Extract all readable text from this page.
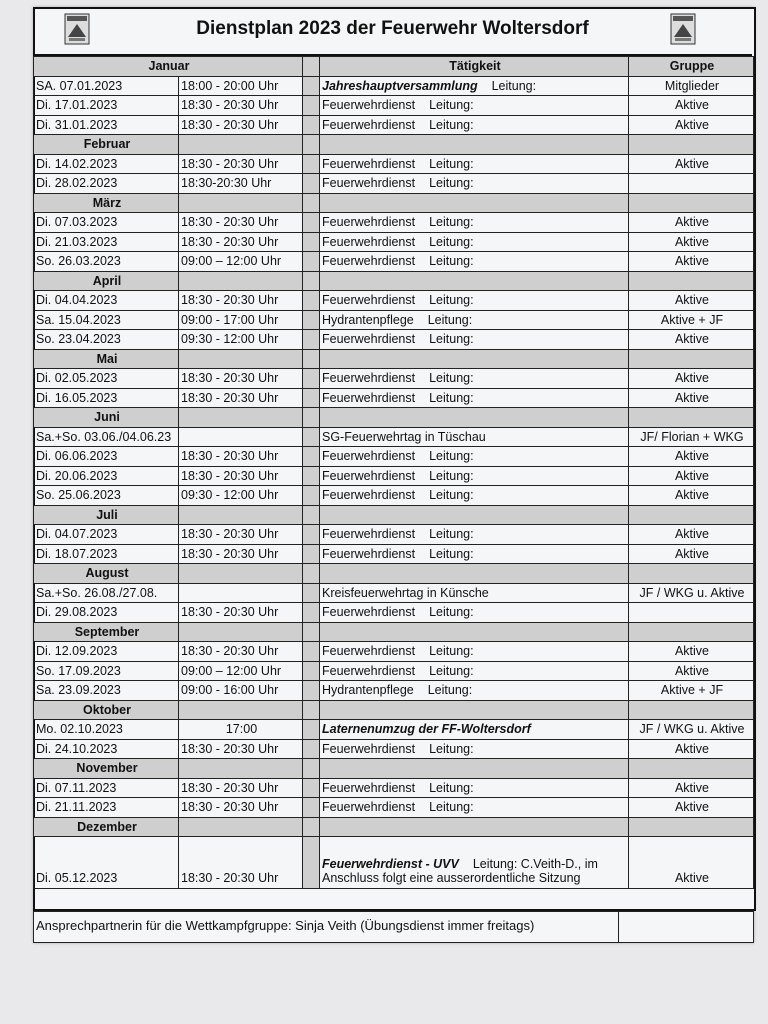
Dienstplan 2023 der Feuerwehr Woltersdorf
Januar			Tätigkeit	Gruppe
SA. 07.01.2023	18:00 - 20:00 Uhr		Jahreshauptversammlung Leitung:	Mitglieder
Di. 17.01.2023	18:30 - 20:30 Uhr		Feuerwehrdienst Leitung:	Aktive
Di. 31.01.2023	18:30 - 20:30 Uhr		Feuerwehrdienst Leitung:	Aktive
Februar				
Di. 14.02.2023	18:30 - 20:30 Uhr		Feuerwehrdienst Leitung:	Aktive
Di. 28.02.2023	18:30-20:30 Uhr		Feuerwehrdienst Leitung:	
März				
Di. 07.03.2023	18:30 - 20:30 Uhr		Feuerwehrdienst Leitung:	Aktive
Di. 21.03.2023	18:30 - 20:30 Uhr		Feuerwehrdienst Leitung:	Aktive
So. 26.03.2023	09:00 – 12:00 Uhr		Feuerwehrdienst Leitung:	Aktive
April				
Di. 04.04.2023	18:30 - 20:30 Uhr		Feuerwehrdienst Leitung:	Aktive
Sa. 15.04.2023	09:00 - 17:00 Uhr		Hydrantenpflege Leitung:	Aktive + JF
So. 23.04.2023	09:30 - 12:00 Uhr		Feuerwehrdienst Leitung:	Aktive
Mai				
Di. 02.05.2023	18:30 - 20:30 Uhr		Feuerwehrdienst Leitung:	Aktive
Di. 16.05.2023	18:30 - 20:30 Uhr		Feuerwehrdienst Leitung:	Aktive
Juni				
Sa.+So. 03.06./04.06.23			SG-Feuerwehrtag in Tüschau	JF/ Florian + WKG
Di. 06.06.2023	18:30 - 20:30 Uhr		Feuerwehrdienst Leitung:	Aktive
Di. 20.06.2023	18:30 - 20:30 Uhr		Feuerwehrdienst Leitung:	Aktive
So. 25.06.2023	09:30 - 12:00 Uhr		Feuerwehrdienst Leitung:	Aktive
Juli				
Di. 04.07.2023	18:30 - 20:30 Uhr		Feuerwehrdienst Leitung:	Aktive
Di. 18.07.2023	18:30 - 20:30 Uhr		Feuerwehrdienst Leitung:	Aktive
August				
Sa.+So. 26.08./27.08.			Kreisfeuerwehrtag in Künsche	JF / WKG u. Aktive
Di. 29.08.2023	18:30 - 20:30 Uhr		Feuerwehrdienst Leitung:	
September				
Di. 12.09.2023	18:30 - 20:30 Uhr		Feuerwehrdienst Leitung:	Aktive
So. 17.09.2023	09:00 – 12:00 Uhr		Feuerwehrdienst Leitung:	Aktive
Sa. 23.09.2023	09:00 - 16:00 Uhr		Hydrantenpflege Leitung:	Aktive + JF
Oktober				
Mo. 02.10.2023	17:00		Laternenumzug der FF-Woltersdorf	JF / WKG u. Aktive
Di. 24.10.2023	18:30 - 20:30 Uhr		Feuerwehrdienst Leitung:	Aktive
November				
Di. 07.11.2023	18:30 - 20:30 Uhr		Feuerwehrdienst Leitung:	Aktive
Di. 21.11.2023	18:30 - 20:30 Uhr		Feuerwehrdienst Leitung:	Aktive
Dezember				
Di. 05.12.2023	18:30 - 20:30 Uhr		Feuerwehrdienst - UVV Leitung: C.Veith-D., im
Anschluss folgt eine ausserordentliche Sitzung	Aktive
Ansprechpartnerin für die Wettkampfgruppe: Sinja Veith (Übungsdienst immer freitags)
